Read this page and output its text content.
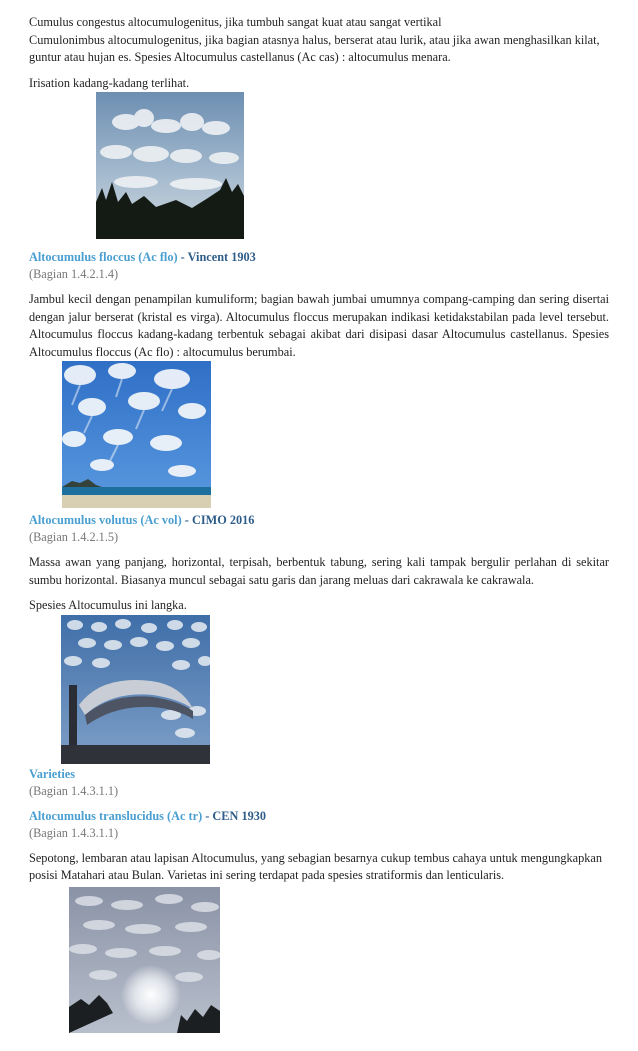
Cumulus congestus altocumulogenitus, jika tumbuh sangat kuat atau sangat vertikal

Cumulonimbus altocumulogenitus, jika bagian atasnya halus, berserat atau lurik, atau jika awan menghasilkan kilat, guntur atau hujan es. Spesies Altocumulus castellanus (Ac cas) : altocumulus menara.

Irisation kadang-kadang terlihat.

Altocumulus floccus (Ac flo) - Vincent 1903
(Bagian 1.4.2.1.4)

Jambul kecil dengan penampilan kumuliform; bagian bawah jumbai umumnya compang-camping dan sering disertai dengan jalur berserat (kristal es virga). Altocumulus floccus merupakan indikasi ketidakstabilan pada level tersebut. Altocumulus floccus kadang-kadang terbentuk sebagai akibat dari disipasi dasar Altocumulus castellanus. Spesies Altocumulus floccus (Ac flo) : altocumulus berumbai.

Altocumulus volutus (Ac vol) - CIMO 2016
(Bagian 1.4.2.1.5)

Massa awan yang panjang, horizontal, terpisah, berbentuk tabung, sering kali tampak bergulir perlahan di sekitar sumbu horizontal. Biasanya muncul sebagai satu garis dan jarang meluas dari cakrawala ke cakrawala.

Spesies Altocumulus ini langka.

Varieties
(Bagian 1.4.3.1.1)
Altocumulus translucidus (Ac tr) - CEN 1930
(Bagian 1.4.3.1.1)

Sepotong, lembaran atau lapisan Altocumulus, yang sebagian besarnya cukup tembus cahaya untuk mengungkapkan posisi Matahari atau Bulan. Varietas ini sering terdapat pada spesies stratiformis dan lenticularis.
